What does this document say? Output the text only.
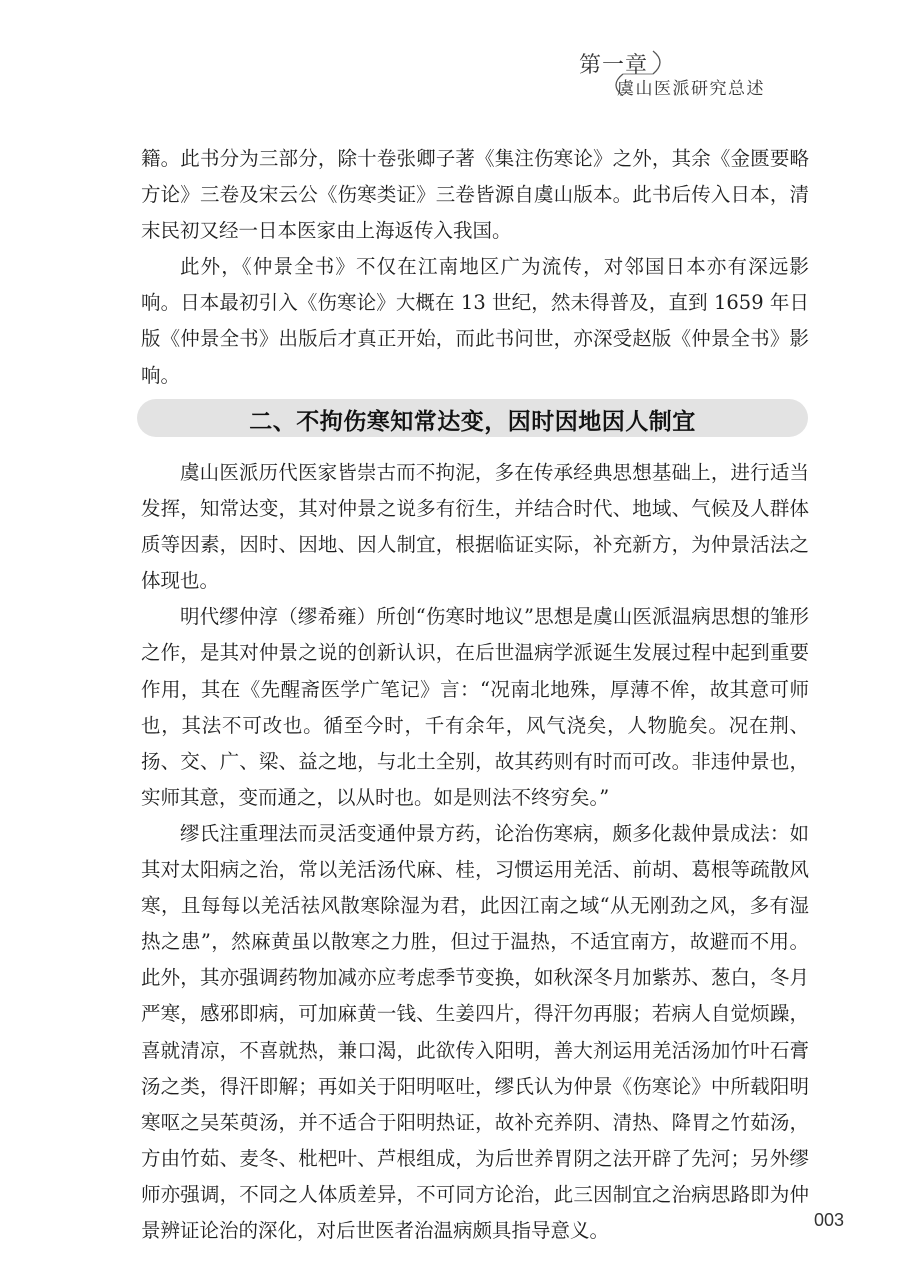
第一章
虞山医派研究总述

籍。此书分为三部分，除十卷张卿子著《集注伤寒论》之外，其余《金匮要略方论》三卷及宋云公《伤寒类证》三卷皆源自虞山版本。此书后传入日本，清末民初又经一日本医家由上海返传入我国。

此外，《仲景全书》不仅在江南地区广为流传，对邻国日本亦有深远影响。日本最初引入《伤寒论》大概在 13 世纪，然未得普及，直到 1659 年日版《仲景全书》出版后才真正开始，而此书问世，亦深受赵版《仲景全书》影响。

二、不拘伤寒知常达变，因时因地因人制宜

虞山医派历代医家皆崇古而不拘泥，多在传承经典思想基础上，进行适当发挥，知常达变，其对仲景之说多有衍生，并结合时代、地域、气候及人群体质等因素，因时、因地、因人制宜，根据临证实际，补充新方，为仲景活法之体现也。

明代缪仲淳（缪希雍）所创“伤寒时地议”思想是虞山医派温病思想的雏形之作，是其对仲景之说的创新认识，在后世温病学派诞生发展过程中起到重要作用，其在《先醒斋医学广笔记》言：“况南北地殊，厚薄不侔，故其意可师也，其法不可改也。循至今时，千有余年，风气浇矣，人物脆矣。况在荆、扬、交、广、梁、益之地，与北土全别，故其药则有时而可改。非违仲景也，实师其意，变而通之，以从时也。如是则法不终穷矣。”

缪氏注重理法而灵活变通仲景方药，论治伤寒病，颇多化裁仲景成法：如其对太阳病之治，常以羌活汤代麻、桂，习惯运用羌活、前胡、葛根等疏散风寒，且每每以羌活祛风散寒除湿为君，此因江南之域“从无刚劲之风，多有湿热之患”，然麻黄虽以散寒之力胜，但过于温热，不适宜南方，故避而不用。此外，其亦强调药物加减亦应考虑季节变换，如秋深冬月加紫苏、葱白，冬月严寒，感邪即病，可加麻黄一钱、生姜四片，得汗勿再服；若病人自觉烦躁，喜就清凉，不喜就热，兼口渴，此欲传入阳明，善大剂运用羌活汤加竹叶石膏汤之类，得汗即解；再如关于阳明呕吐，缪氏认为仲景《伤寒论》中所载阳明寒呕之吴茱萸汤，并不适合于阳明热证，故补充养阴、清热、降胃之竹茹汤，方由竹茹、麦冬、枇杷叶、芦根组成，为后世养胃阴之法开辟了先河；另外缪师亦强调，不同之人体质差异，不可同方论治，此三因制宜之治病思路即为仲景辨证论治的深化，对后世医者治温病颇具指导意义。	003
